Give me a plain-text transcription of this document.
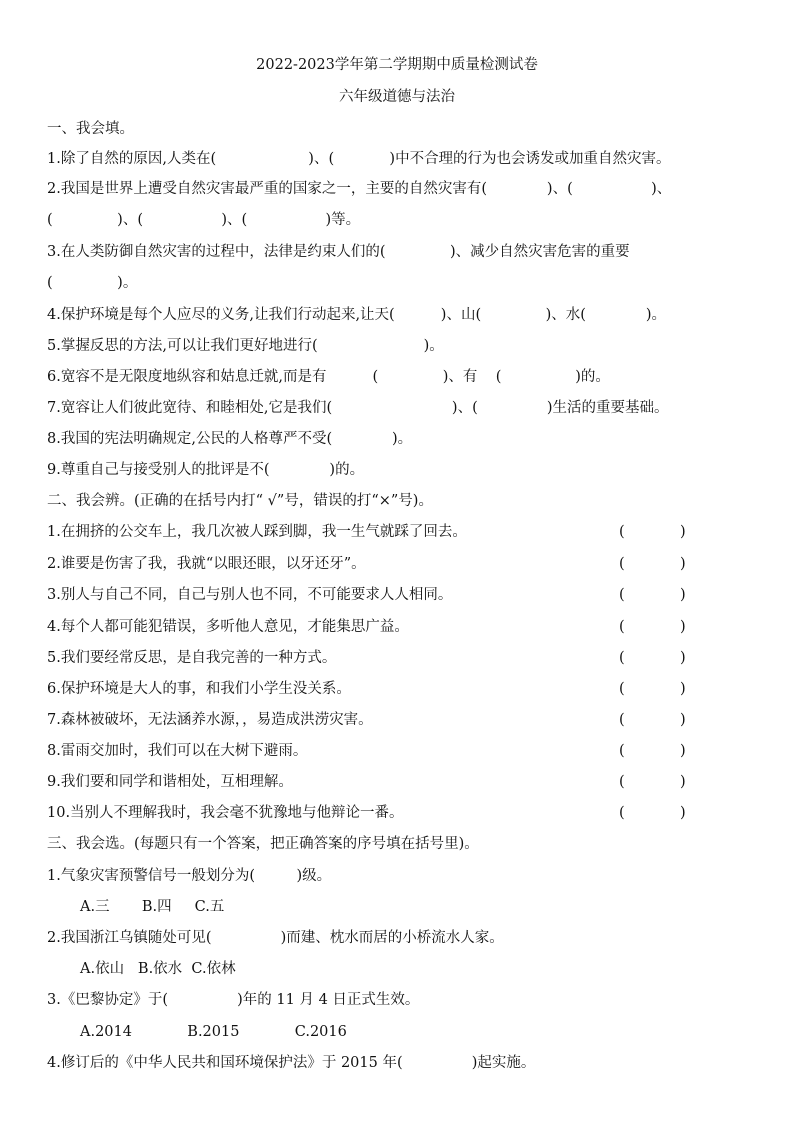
2022-2023学年第二学期期中质量检测试卷
六年级道德与法治
一、我会填。
1.除了自然的原因,人类在(                    )、(            )中不合理的行为也会诱发或加重自然灾害。
2.我国是世界上遭受自然灾害最严重的国家之一，主要的自然灾害有(             )、(                 )、
(              )、(                 )、(                 )等。
3.在人类防御自然灾害的过程中，法律是约束人们的(              )、减少自然灾害危害的重要
(              )。
4.保护环境是每个人应尽的义务,让我们行动起来,让天(          )、山(              )、水(             )。
5.掌握反思的方法,可以让我们更好地进行(                       )。
6.宽容不是无限度地纵容和姑息迁就,而是有          (              )、有    (                )的。
7.宽容让人们彼此宽待、和睦相处,它是我们(                          )、(               )生活的重要基础。
8.我国的宪法明确规定,公民的人格尊严不受(             )。
9.尊重自己与接受别人的批评是不(             )的。
二、我会辨。(正确的在括号内打“ √”号，错误的打“×”号)。
1.在拥挤的公交车上，我几次被人踩到脚，我一生气就踩了回去。	(            )
2.谁要是伤害了我，我就“以眼还眼，以牙还牙”。	(            )
3.别人与自己不同，自己与别人也不同，不可能要求人人相同。	(            )
4.每个人都可能犯错误，多听他人意见，才能集思广益。	(            )
5.我们要经常反思，是自我完善的一种方式。	(            )
6.保护环境是大人的事，和我们小学生没关系。	(            )
7.森林被破坏，无法涵养水源，，易造成洪涝灾害。	(            )
8.雷雨交加时，我们可以在大树下避雨。	(            )
9.我们要和同学和谐相处，互相理解。	(            )
10.当别人不理解我时，我会毫不犹豫地与他辩论一番。	(            )
三、我会选。(每题只有一个答案，把正确答案的序号填在括号里)。
1.气象灾害预警信号一般划分为(         )级。
A.三       B.四     C.五
2.我国浙江乌镇随处可见(               )而建、枕水而居的小桥流水人家。
A.依山   B.依水  C.依林
3.《巴黎协定》于(               )年的 11 月 4 日正式生效。
A.2014            B.2015            C.2016
4.修订后的《中华人民共和国环境保护法》于 2015 年(               )起实施。
